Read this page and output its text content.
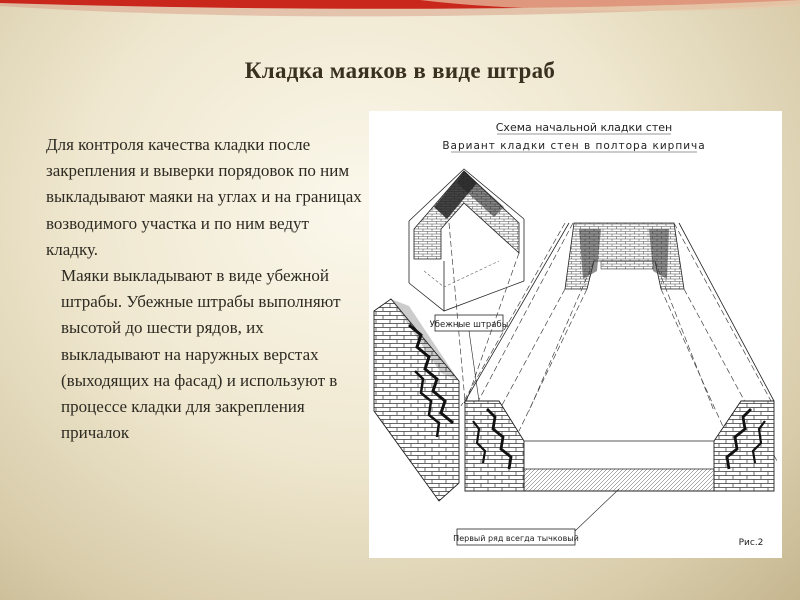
Кладка маяков в виде штраб

Для контроля качества кладки после закрепления и выверки порядовок по ним выкладывают маяки на углах и на границах возводимого участка и по ним ведут кладку.

Маяки выкладывают в виде убежной штрабы. Убежные штрабы выполняют высотой до шести рядов, их выкладывают на наружных верстах (выходящих на фасад) и используют в процессе кладки для закрепления причалок

Схема начальной кладки стен
Вариант кладки стен в полтора кирпича
Убежные штрабы
Первый ряд всегда тычковый	Рис.2
